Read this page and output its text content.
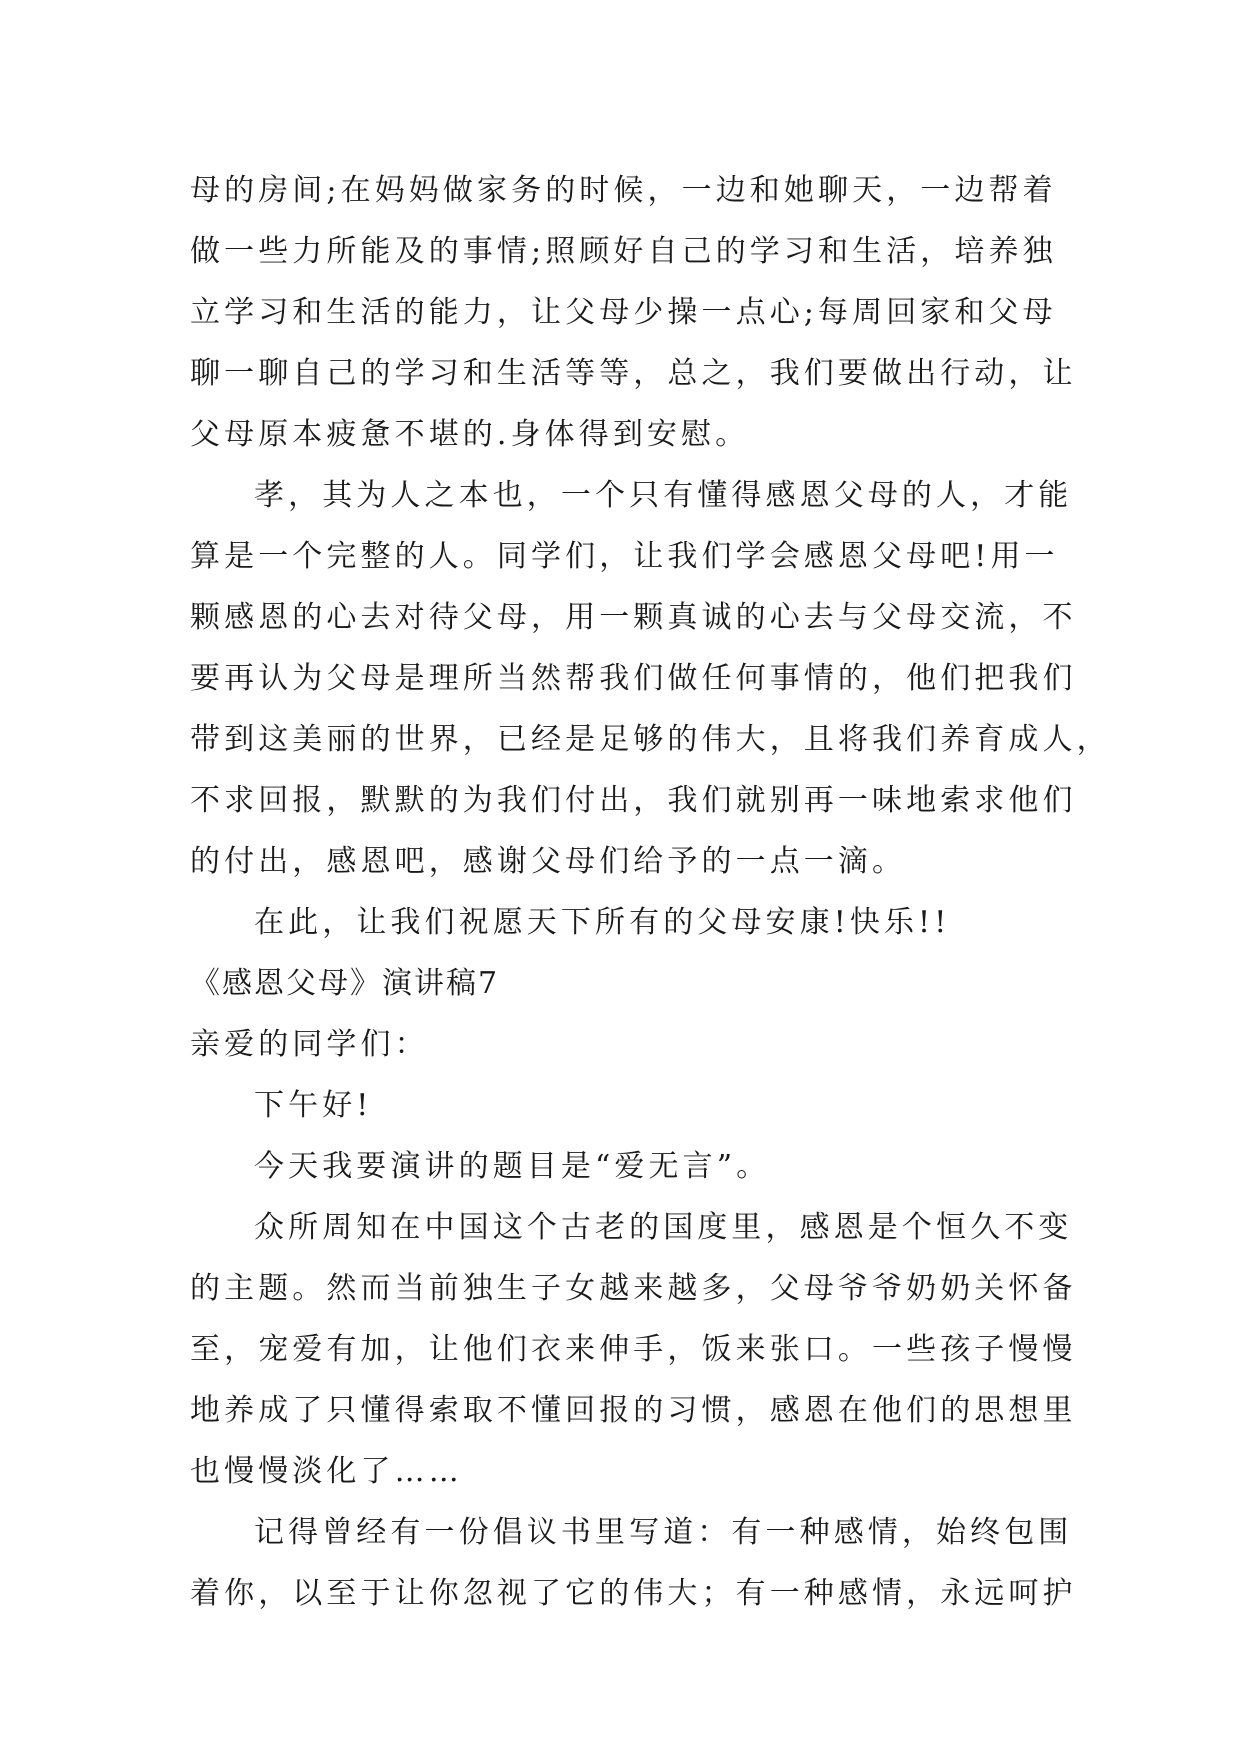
母的房间;在妈妈做家务的时候，一边和她聊天，一边帮着
做一些力所能及的事情;照顾好自己的学习和生活，培养独
立学习和生活的能力，让父母少操一点心;每周回家和父母
聊一聊自己的学习和生活等等，总之，我们要做出行动，让
父母原本疲惫不堪的.身体得到安慰。
孝，其为人之本也，一个只有懂得感恩父母的人，才能
算是一个完整的人。同学们，让我们学会感恩父母吧!用一
颗感恩的心去对待父母，用一颗真诚的心去与父母交流，不
要再认为父母是理所当然帮我们做任何事情的，他们把我们
带到这美丽的世界，已经是足够的伟大，且将我们养育成人，
不求回报，默默的为我们付出，我们就别再一味地索求他们
的付出，感恩吧，感谢父母们给予的一点一滴。
在此，让我们祝愿天下所有的父母安康!快乐!!
《感恩父母》演讲稿7
亲爱的同学们：
下午好!
今天我要演讲的题目是“爱无言”。
众所周知在中国这个古老的国度里，感恩是个恒久不变
的主题。然而当前独生子女越来越多，父母爷爷奶奶关怀备
至，宠爱有加，让他们衣来伸手，饭来张口。一些孩子慢慢
地养成了只懂得索取不懂回报的习惯，感恩在他们的思想里
也慢慢淡化了……
记得曾经有一份倡议书里写道：有一种感情，始终包围
着你，以至于让你忽视了它的伟大；有一种感情，永远呵护
